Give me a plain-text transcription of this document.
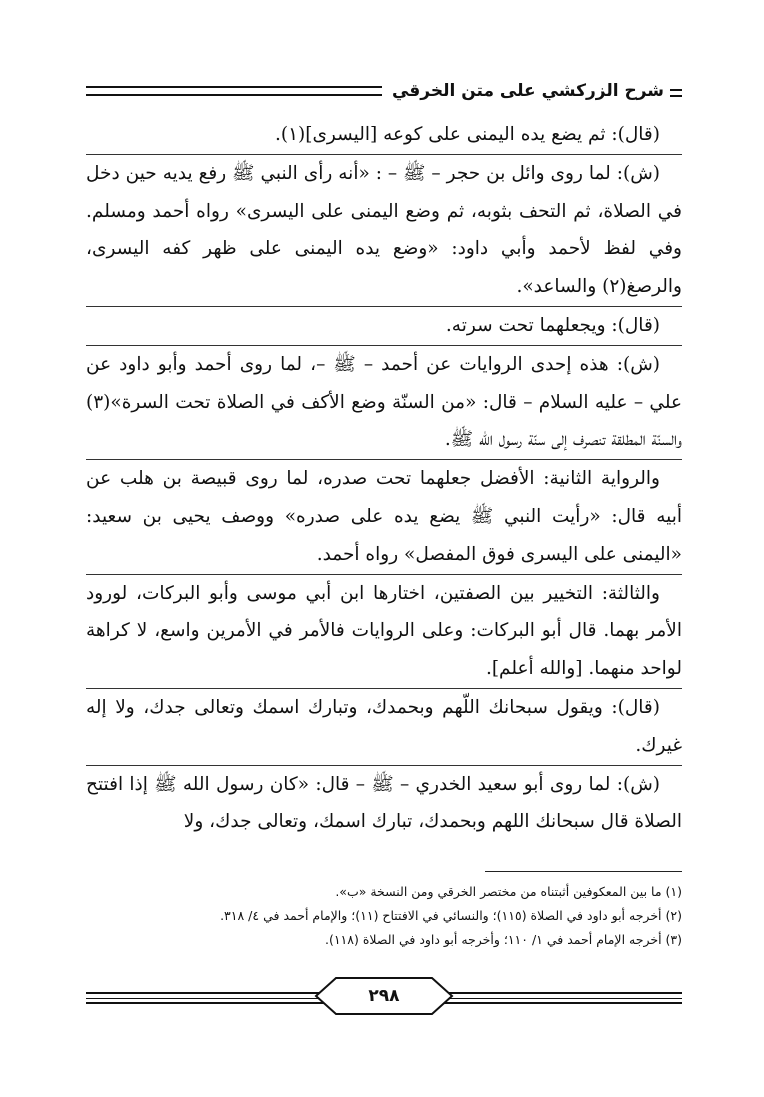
شرح الزركشي على متن الخرقي

(قال): ثم يضع يده اليمنى على كوعه [اليسرى](١).

(ش): لما روى وائل بن حجر – ﷺ – : «أنه رأى النبي ﷺ رفع يديه حين دخل في الصلاة، ثم التحف بثوبه، ثم وضع اليمنى على اليسرى» رواه أحمد ومسلم. وفي لفظ لأحمد وأبي داود: «وضع يده اليمنى على ظهر كفه اليسرى، والرصغ(٢) والساعد».

(قال): ويجعلهما تحت سرته.

(ش): هذه إحدى الروايات عن أحمد – ﷺ –، لما روى أحمد وأبو داود عن علي – عليه السلام – قال: «من السنّة وضع الأكف في الصلاة تحت السرة»(٣) والسنّة المطلقة تنصرف إلى سنّة رسول الله ﷺ.

والرواية الثانية: الأفضل جعلهما تحت صدره، لما روى قبيصة بن هلب عن أبيه قال: «رأيت النبي ﷺ يضع يده على صدره» ووصف يحيى بن سعيد: «اليمنى على اليسرى فوق المفصل» رواه أحمد.

والثالثة: التخيير بين الصفتين، اختارها ابن أبي موسى وأبو البركات، لورود الأمر بهما. قال أبو البركات: وعلى الروايات فالأمر في الأمرين واسع، لا كراهة لواحد منهما. [والله أعلم].

(قال): ويقول سبحانك اللّهم وبحمدك، وتبارك اسمك وتعالى جدك، ولا إله غيرك.

(ش): لما روى أبو سعيد الخدري – ﷺ – قال: «كان رسول الله ﷺ إذا افتتح الصلاة قال سبحانك اللهم وبحمدك، تبارك اسمك، وتعالى جدك، ولا

(١) ما بين المعكوفين أثبتناه من مختصر الخرقي ومن النسخة «ب».

(٢) أخرجه أبو داود في الصلاة (١١٥)؛ والنسائي في الافتتاح (١١)؛ والإمام أحمد في ٤/ ٣١٨.

(٣) أخرجه الإمام أحمد في ١/ ١١٠؛ وأخرجه أبو داود في الصلاة (١١٨).

٢٩٨
